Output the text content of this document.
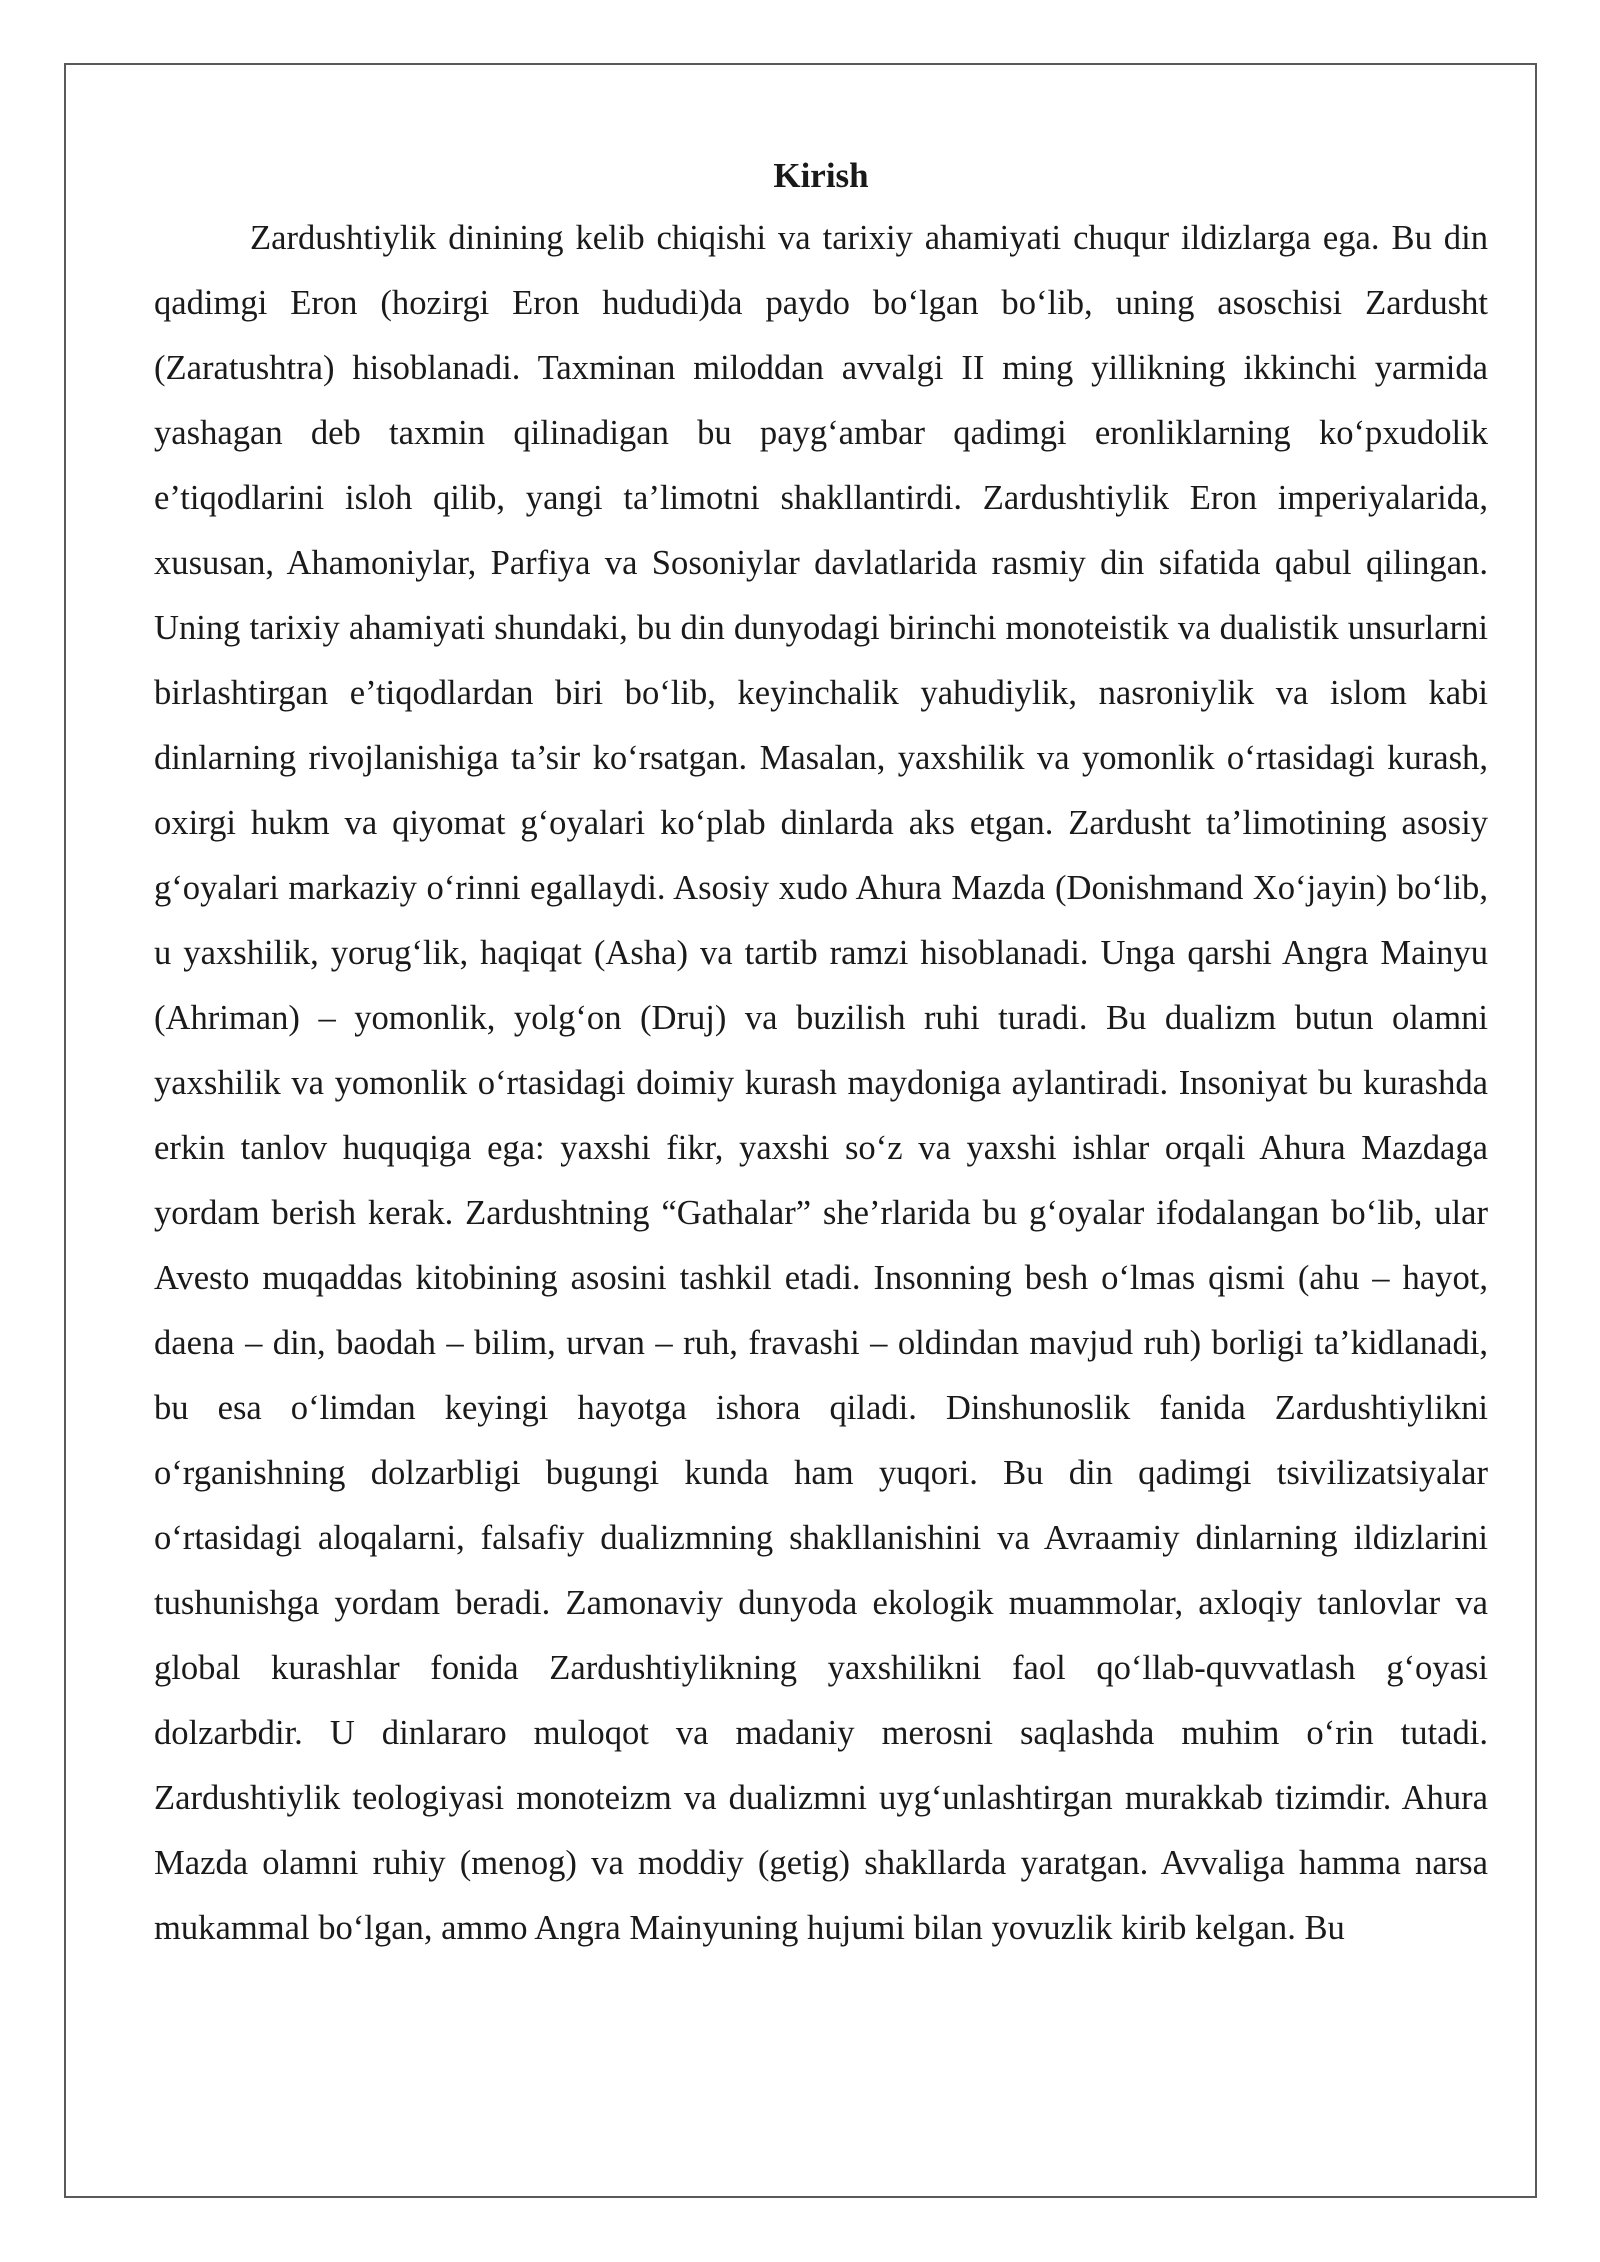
Kirish

Zardushtiylik dinining kelib chiqishi va tarixiy ahamiyati chuqur ildizlarga ega. Bu din qadimgi Eron (hozirgi Eron hududi)da paydo bo‘lgan bo‘lib, uning asoschisi Zardusht (Zaratushtra) hisoblanadi. Taxminan miloddan avvalgi II ming yillikning ikkinchi yarmida yashagan deb taxmin qilinadigan bu payg‘ambar qadimgi eronliklarning ko‘pxudolik e’tiqodlarini isloh qilib, yangi ta’limotni shakllantirdi. Zardushtiylik Eron imperiyalarida, xususan, Ahamoniylar, Parfiya va Sosoniylar davlatlarida rasmiy din sifatida qabul qilingan. Uning tarixiy ahamiyati shundaki, bu din dunyodagi birinchi monoteistik va dualistik unsurlarni birlashtirgan e’tiqodlardan biri bo‘lib, keyinchalik yahudiylik, nasroniylik va islom kabi dinlarning rivojlanishiga ta’sir ko‘rsatgan. Masalan, yaxshilik va yomonlik o‘rtasidagi kurash, oxirgi hukm va qiyomat g‘oyalari ko‘plab dinlarda aks etgan. Zardusht ta’limotining asosiy g‘oyalari markaziy o‘rinni egallaydi. Asosiy xudo Ahura Mazda (Donishmand Xo‘jayin) bo‘lib, u yaxshilik, yorug‘lik, haqiqat (Asha) va tartib ramzi hisoblanadi. Unga qarshi Angra Mainyu (Ahriman) – yomonlik, yolg‘on (Druj) va buzilish ruhi turadi. Bu dualizm butun olamni yaxshilik va yomonlik o‘rtasidagi doimiy kurash maydoniga aylantiradi. Insoniyat bu kurashda erkin tanlov huquqiga ega: yaxshi fikr, yaxshi so‘z va yaxshi ishlar orqali Ahura Mazdaga yordam berish kerak. Zardushtning “Gathalar” she’rlarida bu g‘oyalar ifodalangan bo‘lib, ular Avesto muqaddas kitobining asosini tashkil etadi. Insonning besh o‘lmas qismi (ahu – hayot, daena – din, baodah – bilim, urvan – ruh, fravashi – oldindan mavjud ruh) borligi ta’kidlanadi, bu esa o‘limdan keyingi hayotga ishora qiladi. Dinshunoslik fanida Zardushtiylikni o‘rganishning dolzarbligi bugungi kunda ham yuqori. Bu din qadimgi tsivilizatsiyalar o‘rtasidagi aloqalarni, falsafiy dualizmning shakllanishini va Avraamiy dinlarning ildizlarini tushunishga yordam beradi. Zamonaviy dunyoda ekologik muammolar, axloqiy tanlovlar va global kurashlar fonida Zardushtiylikning yaxshilikni faol qo‘llab-quvvatlash g‘oyasi dolzarbdir. U dinlararo muloqot va madaniy merosni saqlashda muhim o‘rin tutadi. Zardushtiylik teologiyasi monoteizm va dualizmni uyg‘unlashtirgan murakkab tizimdir. Ahura Mazda olamni ruhiy (menog) va moddiy (getig) shakllarda yaratgan. Avvaliga hamma narsa mukammal bo‘lgan, ammo Angra Mainyuning hujumi bilan yovuzlik kirib kelgan. Bu
